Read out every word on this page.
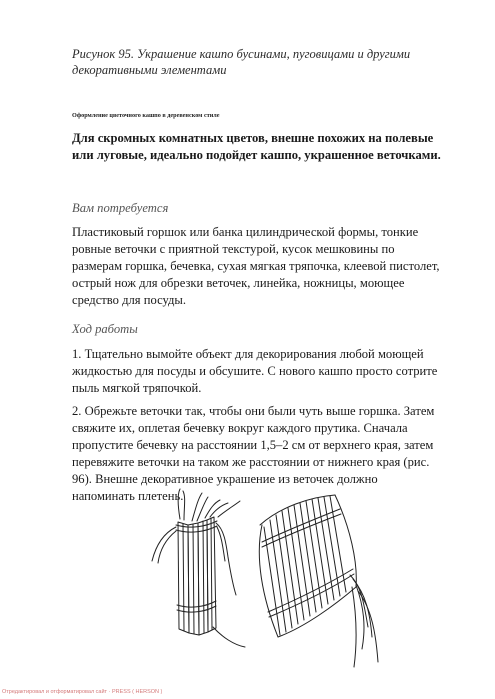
Рисунок 95. Украшение кашпо бусинами, пуговицами и другими декоративными элементами
Оформление цветочного кашпо в деревенском стиле
Для скромных комнатных цветов, внешне похожих на полевые или луговые, идеально подойдет кашпо, украшенное веточками.
Вам потребуется
Пластиковый горшок или банка цилиндрической формы, тонкие ровные веточки с приятной текстурой, кусок мешковины по размерам горшка, бечевка, сухая мягкая тряпочка, клеевой пистолет, острый нож для обрезки веточек, линейка, ножницы, моющее средство для посуды.
Ход работы
1. Тщательно вымойте объект для декорирования любой моющей жидкостью для посуды и обсушите. С нового кашпо просто сотрите пыль мягкой тряпочкой.
2. Обрежьте веточки так, чтобы они были чуть выше горшка. Затем свяжите их, оплетая бечевку вокруг каждого прутика. Сначала пропустите бечевку на расстоянии 1,5–2 см от верхнего края, затем перевяжите веточки на таком же расстоянии от нижнего края (рис. 96). Внешне декоративное украшение из веточек должно напоминать плетень.
Отредактировал и отформатировал сайт · PRESS ( HERSON )
